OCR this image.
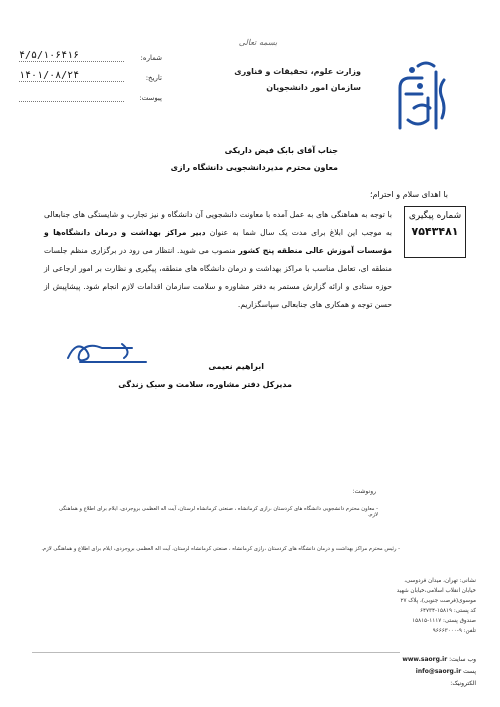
۴/۵/۱۰۶۴۱۶	شماره:
۱۴۰۱/۰۸/۲۴	تاریخ:
پیوست:
بسمه تعالی
وزارت علوم، تحقیقات و فناوری
سازمان امور دانشجویان
جناب آقای بابک فیض داریکی
معاون محترم مدیردانشجویی دانشگاه رازی
با اهدای سلام و احترام؛
شماره پیگیری
۷۵۴۳۴۸۱
با توجه به هماهنگی های به عمل آمده با معاونت دانشجویی آن دانشگاه و نیز تجارب و شایستگی های جنابعالی به موجب این ابلاغ برای مدت یک سال شما به عنوان دبیر مراکز بهداشت و درمان دانشگاه‌ها و مؤسسات آموزش عالی منطقه پنج کشور منصوب می شوید. انتظار می رود در برگزاری منظم جلسات منطقه ای، تعامل مناسب با مراکز بهداشت و درمان دانشگاه های منطقه، پیگیری و نظارت بر امور ارجاعی از حوزه ستادی و ارائه گزارش مستمر به دفتر مشاوره و سلامت سازمان اقدامات لازم انجام شود. پیشاپیش از حسن توجه و همکاری های جنابعالی سپاسگزاریم.
ابراهیم نعیمی
مدیرکل دفتر مشاوره، سلامت و سبک زندگی
رونوشت:
- معاون محترم دانشجویی دانشگاه های کردستان ،رازی کرمانشاه ، صنعتی کرمانشاه لرستان، آیت اله العظمی بروجردی، ایلام برای اطلاع و هماهنگی لازم.
- رئیس محترم مراکز بهداشت و درمان دانشگاه های کردستان ،رازی کرمانشاه ، صنعتی کرمانشاه لرستان، آیت اله العظمی بروجردی، ایلام برای اطلاع و هماهنگی لازم.
نشانی: تهران، میدان فردوسی،
خیابان انقلاب اسلامی،خیابان شهید
موسوی(فرصت جنوبی)، پلاک ۲۷
کد پستی: ۱۵۸۱۹-۶۴۷۳۴
صندوق پستی: ۱۱۱۷-۱۵۸۱۵
تلفن: ۹-۹۶۶۶۳۰۰۰
www.saorg.ir وب سایت:
info@saorg.ir پست الکترونیک:
